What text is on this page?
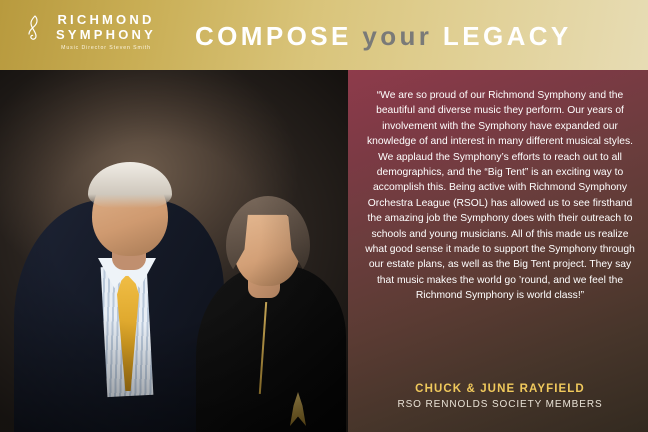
RICHMOND
SYMPHONY
Music Director Steven Smith	COMPOSE your LEGACY
“We are so proud of our Richmond Symphony and the beautiful and diverse music they perform. Our years of involvement with the Symphony have expanded our knowledge of and interest in many different musical styles. We applaud the Symphony’s efforts to reach out to all demographics, and the “Big Tent” is an exciting way to accomplish this. Being active with Richmond Symphony Orchestra League (RSOL) has allowed us to see firsthand the amazing job the Symphony does with their outreach to schools and young musicians. All of this made us realize what good sense it made to support the Symphony through our estate plans, as well as the Big Tent project. They say that music makes the world go ’round, and we feel the Richmond Symphony is world class!”
CHUCK & JUNE RAYFIELD
RSO RENNOLDS SOCIETY MEMBERS
